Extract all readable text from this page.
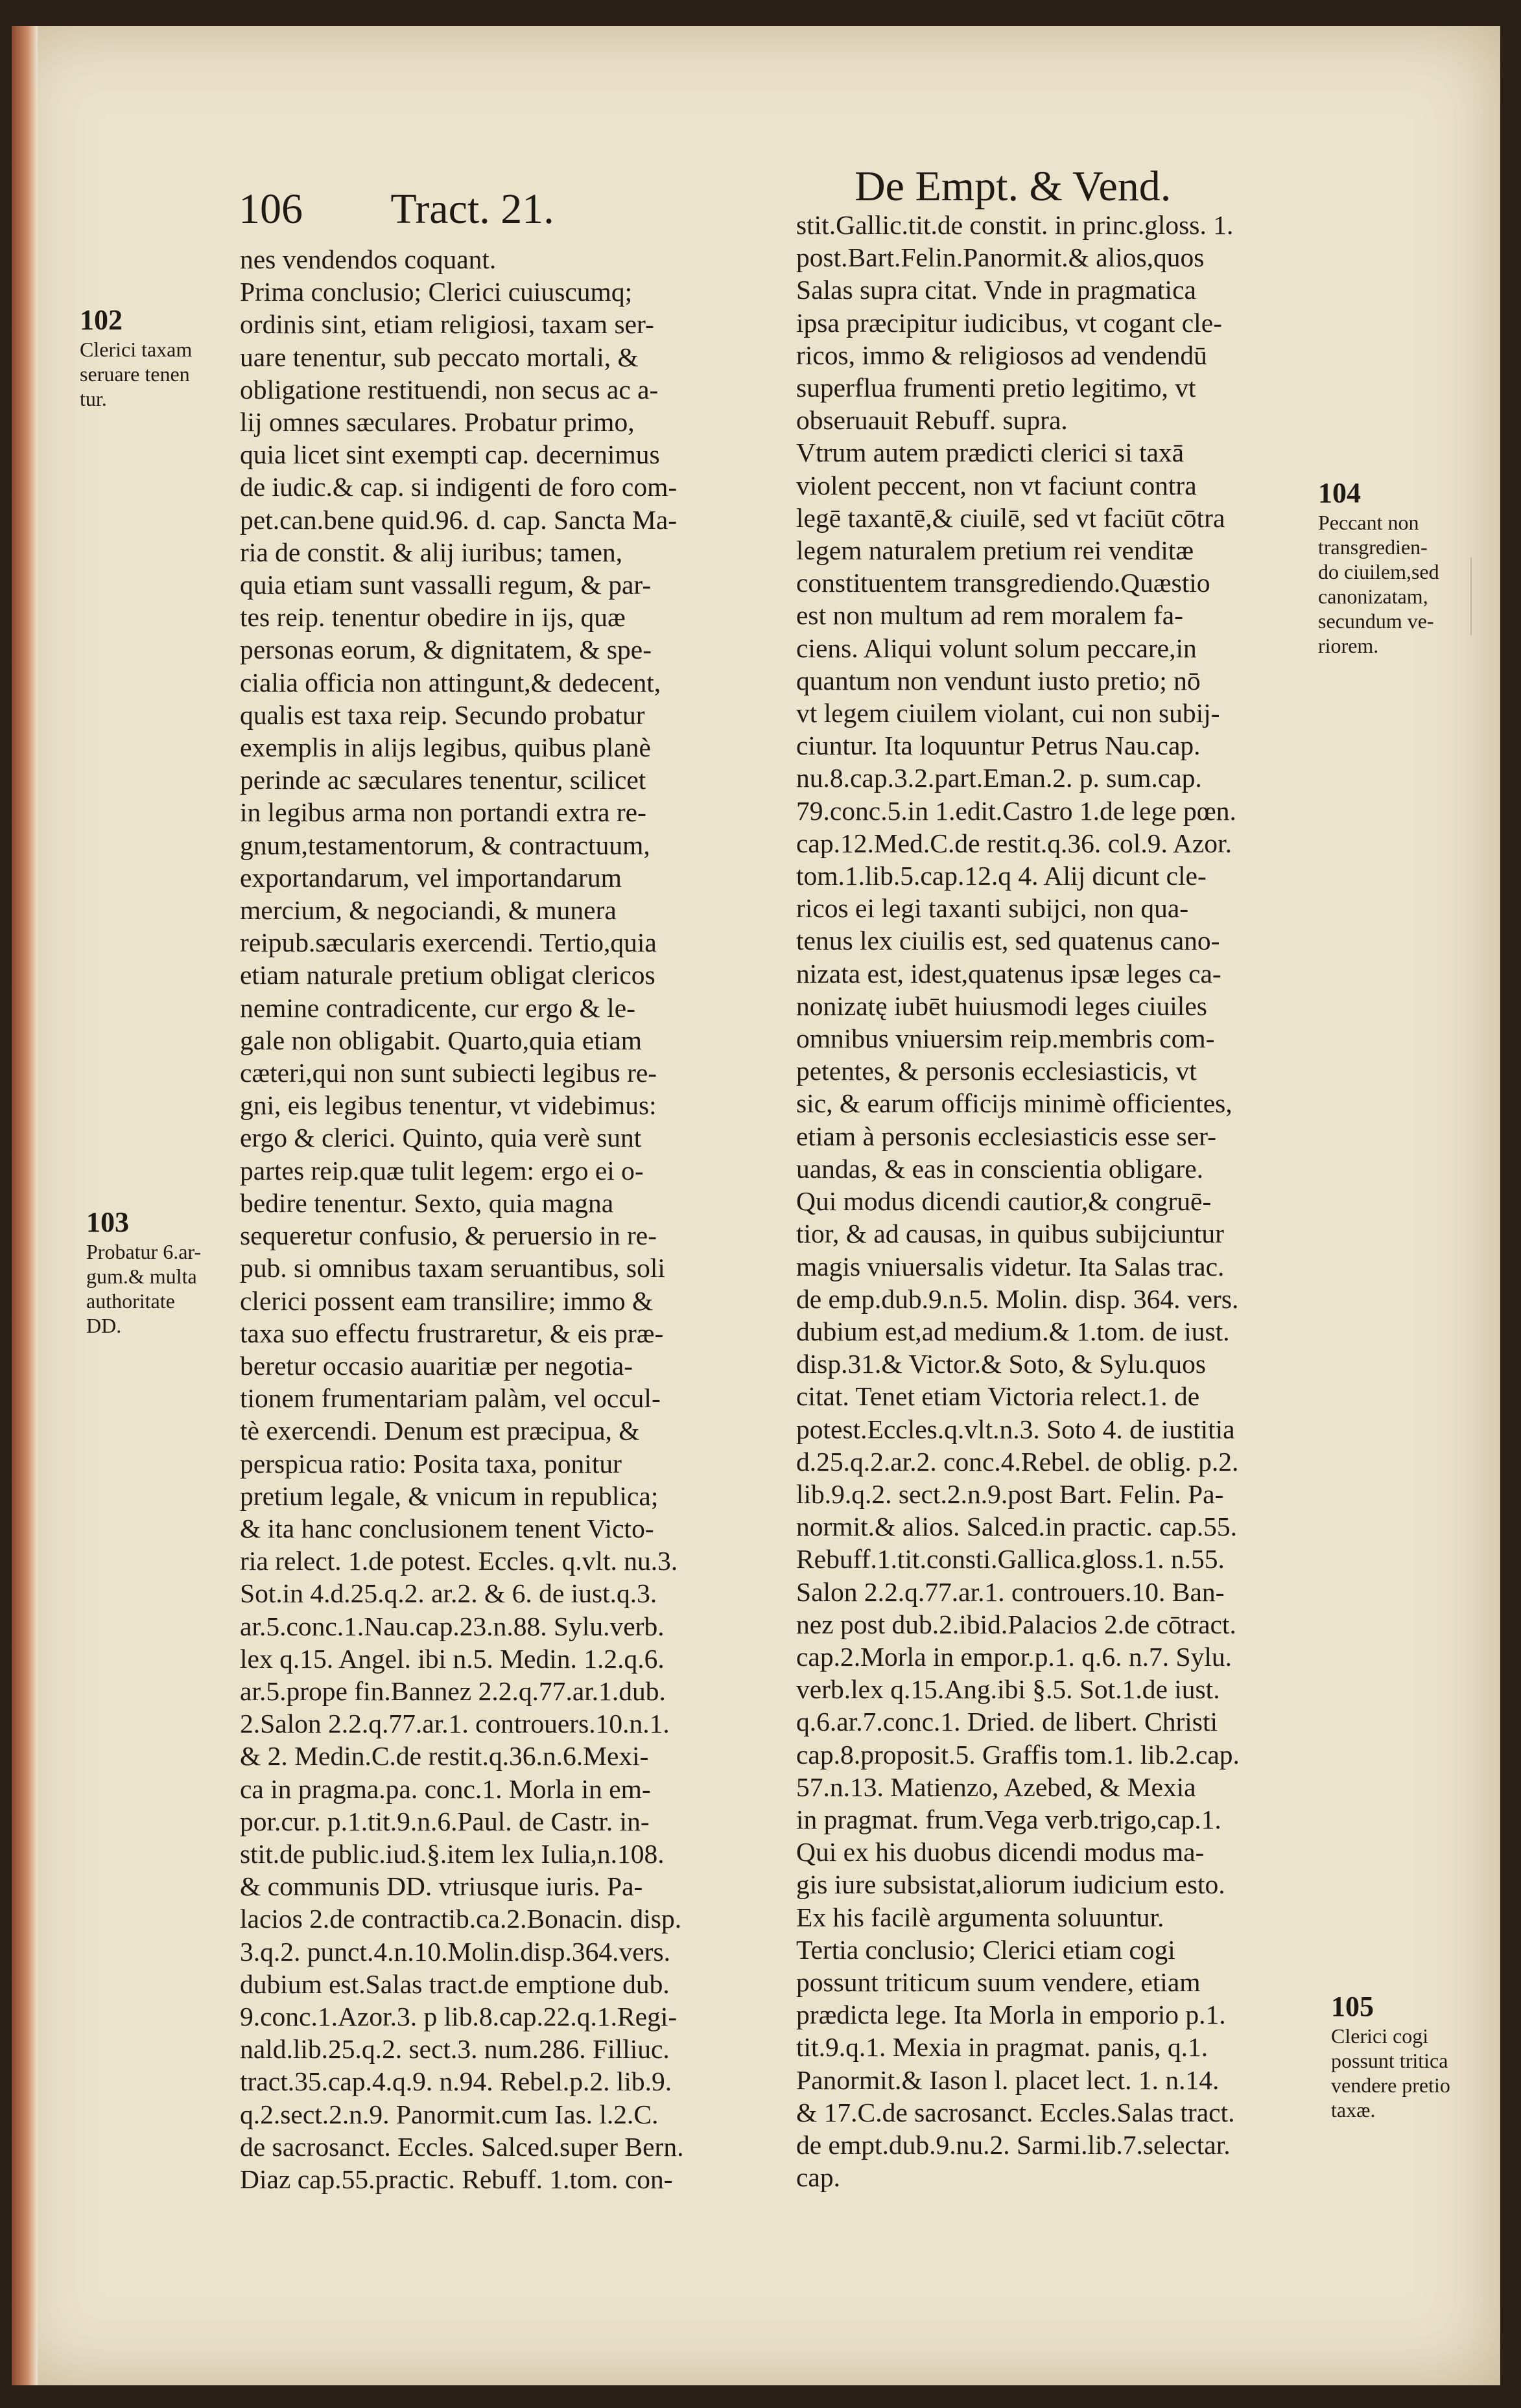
106 Tract. 21.	De Empt. & Vend.
nes vendendos coquant.
Prima conclusio; Clerici cuiuscumq;
ordinis sint, etiam religiosi, taxam ser-
uare tenentur, sub peccato mortali, &
obligatione restituendi, non secus ac a-
lij omnes sæculares. Probatur primo,
quia licet sint exempti cap. decernimus
de iudic.& cap. si indigenti de foro com-
pet.can.bene quid.96. d. cap. Sancta Ma-
ria de constit. & alij iuribus; tamen,
quia etiam sunt vassalli regum, & par-
tes reip. tenentur obedire in ijs, quæ
personas eorum, & dignitatem, & spe-
cialia officia non attingunt,& dedecent,
qualis est taxa reip. Secundo probatur
exemplis in alijs legibus, quibus planè
perinde ac sæculares tenentur, scilicet
in legibus arma non portandi extra re-
gnum,testamentorum, & contractuum,
exportandarum, vel importandarum
mercium, & negociandi, & munera
reipub.sæcularis exercendi. Tertio,quia
etiam naturale pretium obligat clericos
nemine contradicente, cur ergo & le-
gale non obligabit. Quarto,quia etiam
cæteri,qui non sunt subiecti legibus re-
gni, eis legibus tenentur, vt videbimus:
ergo & clerici. Quinto, quia verè sunt
partes reip.quæ tulit legem: ergo ei o-
bedire tenentur. Sexto, quia magna
sequeretur confusio, & peruersio in re-
pub. si omnibus taxam seruantibus, soli
clerici possent eam transilire; immo &
taxa suo effectu frustraretur, & eis præ-
beretur occasio auaritiæ per negotia-
tionem frumentariam palàm, vel occul-
tè exercendi. Denum est præcipua, &
perspicua ratio: Posita taxa, ponitur
pretium legale, & vnicum in republica;
& ita hanc conclusionem tenent Victo-
ria relect. 1.de potest. Eccles. q.vlt. nu.3.
Sot.in 4.d.25.q.2. ar.2. & 6. de iust.q.3.
ar.5.conc.1.Nau.cap.23.n.88. Sylu.verb.
lex q.15. Angel. ibi n.5. Medin. 1.2.q.6.
ar.5.prope fin.Bannez 2.2.q.77.ar.1.dub.
2.Salon 2.2.q.77.ar.1. controuers.10.n.1.
& 2. Medin.C.de restit.q.36.n.6.Mexi-
ca in pragma.pa. conc.1. Morla in em-
por.cur. p.1.tit.9.n.6.Paul. de Castr. in-
stit.de public.iud.§.item lex Iulia,n.108.
& communis DD. vtriusque iuris. Pa-
lacios 2.de contractib.ca.2.Bonacin. disp.
3.q.2. punct.4.n.10.Molin.disp.364.vers.
dubium est.Salas tract.de emptione dub.
9.conc.1.Azor.3. p lib.8.cap.22.q.1.Regi-
nald.lib.25.q.2. sect.3. num.286. Filliuc.
tract.35.cap.4.q.9. n.94. Rebel.p.2. lib.9.
q.2.sect.2.n.9. Panormit.cum Ias. l.2.C.
de sacrosanct. Eccles. Salced.super Bern.
Diaz cap.55.practic. Rebuff. 1.tom. con-
stit.Gallic.tit.de constit. in princ.gloss. 1.
post.Bart.Felin.Panormit.& alios,quos
Salas supra citat. Vnde in pragmatica
ipsa præcipitur iudicibus, vt cogant cle-
ricos, immo & religiosos ad vendendū
superflua frumenti pretio legitimo, vt
obseruauit Rebuff. supra.
Vtrum autem prædicti clerici si taxā
violent peccent, non vt faciunt contra
legē taxantē,& ciuilē, sed vt faciūt cōtra
legem naturalem pretium rei venditæ
constituentem transgrediendo.Quæstio
est non multum ad rem moralem fa-
ciens. Aliqui volunt solum peccare,in
quantum non vendunt iusto pretio; nō
vt legem ciuilem violant, cui non subij-
ciuntur. Ita loquuntur Petrus Nau.cap.
nu.8.cap.3.2.part.Eman.2. p. sum.cap.
79.conc.5.in 1.edit.Castro 1.de lege pœn.
cap.12.Med.C.de restit.q.36. col.9. Azor.
tom.1.lib.5.cap.12.q 4. Alij dicunt cle-
ricos ei legi taxanti subijci, non qua-
tenus lex ciuilis est, sed quatenus cano-
nizata est, idest,quatenus ipsæ leges ca-
nonizatę iubēt huiusmodi leges ciuiles
omnibus vniuersim reip.membris com-
petentes, & personis ecclesiasticis, vt
sic, & earum officijs minimè officientes,
etiam à personis ecclesiasticis esse ser-
uandas, & eas in conscientia obligare.
Qui modus dicendi cautior,& congruē-
tior, & ad causas, in quibus subijciuntur
magis vniuersalis videtur. Ita Salas trac.
de emp.dub.9.n.5. Molin. disp. 364. vers.
dubium est,ad medium.& 1.tom. de iust.
disp.31.& Victor.& Soto, & Sylu.quos
citat. Tenet etiam Victoria relect.1. de
potest.Eccles.q.vlt.n.3. Soto 4. de iustitia
d.25.q.2.ar.2. conc.4.Rebel. de oblig. p.2.
lib.9.q.2. sect.2.n.9.post Bart. Felin. Pa-
normit.& alios. Salced.in practic. cap.55.
Rebuff.1.tit.consti.Gallica.gloss.1. n.55.
Salon 2.2.q.77.ar.1. controuers.10. Ban-
nez post dub.2.ibid.Palacios 2.de cōtract.
cap.2.Morla in empor.p.1. q.6. n.7. Sylu.
verb.lex q.15.Ang.ibi §.5. Sot.1.de iust.
q.6.ar.7.conc.1. Dried. de libert. Christi
cap.8.proposit.5. Graffis tom.1. lib.2.cap.
57.n.13. Matienzo, Azebed, & Mexia
in pragmat. frum.Vega verb.trigo,cap.1.
Qui ex his duobus dicendi modus ma-
gis iure subsistat,aliorum iudicium esto.
Ex his facilè argumenta soluuntur.
Tertia conclusio; Clerici etiam cogi
possunt triticum suum vendere, etiam
prædicta lege. Ita Morla in emporio p.1.
tit.9.q.1. Mexia in pragmat. panis, q.1.
Panormit.& Iason l. placet lect. 1. n.14.
& 17.C.de sacrosanct. Eccles.Salas tract.
de empt.dub.9.nu.2. Sarmi.lib.7.selectar.
cap.
102
Clerici taxam
seruare tenen
tur.
103
Probatur 6.ar-
gum.& multa
authoritate
DD.
104
Peccant non
transgredien-
do ciuilem,sed
canonizatam,
secundum ve-
riorem.
105
Clerici cogi
possunt tritica
vendere pretio
taxæ.
